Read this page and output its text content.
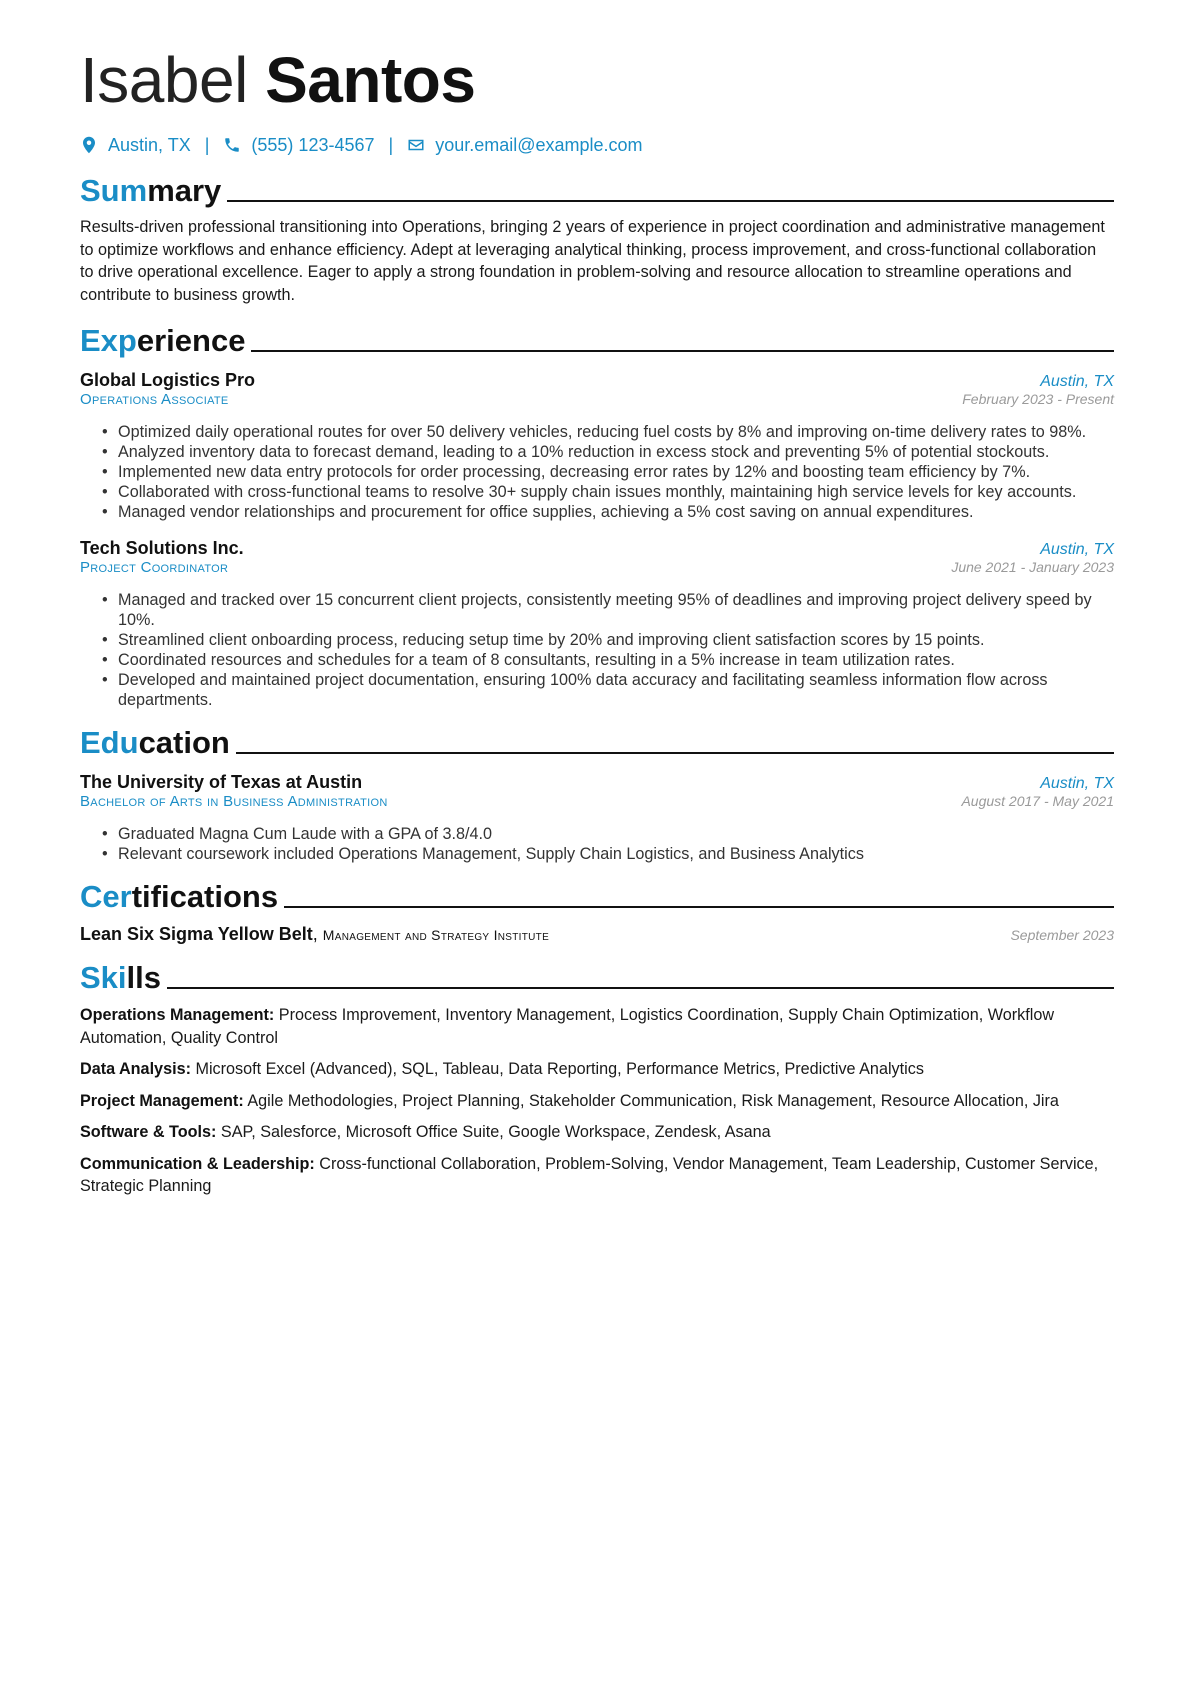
Isabel Santos
Austin, TX | (555) 123-4567 | your.email@example.com
Summary
Results-driven professional transitioning into Operations, bringing 2 years of experience in project coordination and administrative management to optimize workflows and enhance efficiency. Adept at leveraging analytical thinking, process improvement, and cross-functional collaboration to drive operational excellence. Eager to apply a strong foundation in problem-solving and resource allocation to streamline operations and contribute to business growth.
Experience
Global Logistics Pro	Austin, TX
Operations Associate	February 2023 - Present
• Optimized daily operational routes for over 50 delivery vehicles, reducing fuel costs by 8% and improving on-time delivery rates to 98%.
• Analyzed inventory data to forecast demand, leading to a 10% reduction in excess stock and preventing 5% of potential stockouts.
• Implemented new data entry protocols for order processing, decreasing error rates by 12% and boosting team efficiency by 7%.
• Collaborated with cross-functional teams to resolve 30+ supply chain issues monthly, maintaining high service levels for key accounts.
• Managed vendor relationships and procurement for office supplies, achieving a 5% cost saving on annual expenditures.
Tech Solutions Inc.	Austin, TX
Project Coordinator	June 2021 - January 2023
• Managed and tracked over 15 concurrent client projects, consistently meeting 95% of deadlines and improving project delivery speed by 10%.
• Streamlined client onboarding process, reducing setup time by 20% and improving client satisfaction scores by 15 points.
• Coordinated resources and schedules for a team of 8 consultants, resulting in a 5% increase in team utilization rates.
• Developed and maintained project documentation, ensuring 100% data accuracy and facilitating seamless information flow across departments.
Education
The University of Texas at Austin	Austin, TX
Bachelor of Arts in Business Administration	August 2017 - May 2021
• Graduated Magna Cum Laude with a GPA of 3.8/4.0
• Relevant coursework included Operations Management, Supply Chain Logistics, and Business Analytics
Certifications
Lean Six Sigma Yellow Belt, Management and Strategy Institute	September 2023
Skills
Operations Management: Process Improvement, Inventory Management, Logistics Coordination, Supply Chain Optimization, Workflow Automation, Quality Control
Data Analysis: Microsoft Excel (Advanced), SQL, Tableau, Data Reporting, Performance Metrics, Predictive Analytics
Project Management: Agile Methodologies, Project Planning, Stakeholder Communication, Risk Management, Resource Allocation, Jira
Software & Tools: SAP, Salesforce, Microsoft Office Suite, Google Workspace, Zendesk, Asana
Communication & Leadership: Cross-functional Collaboration, Problem-Solving, Vendor Management, Team Leadership, Customer Service, Strategic Planning
